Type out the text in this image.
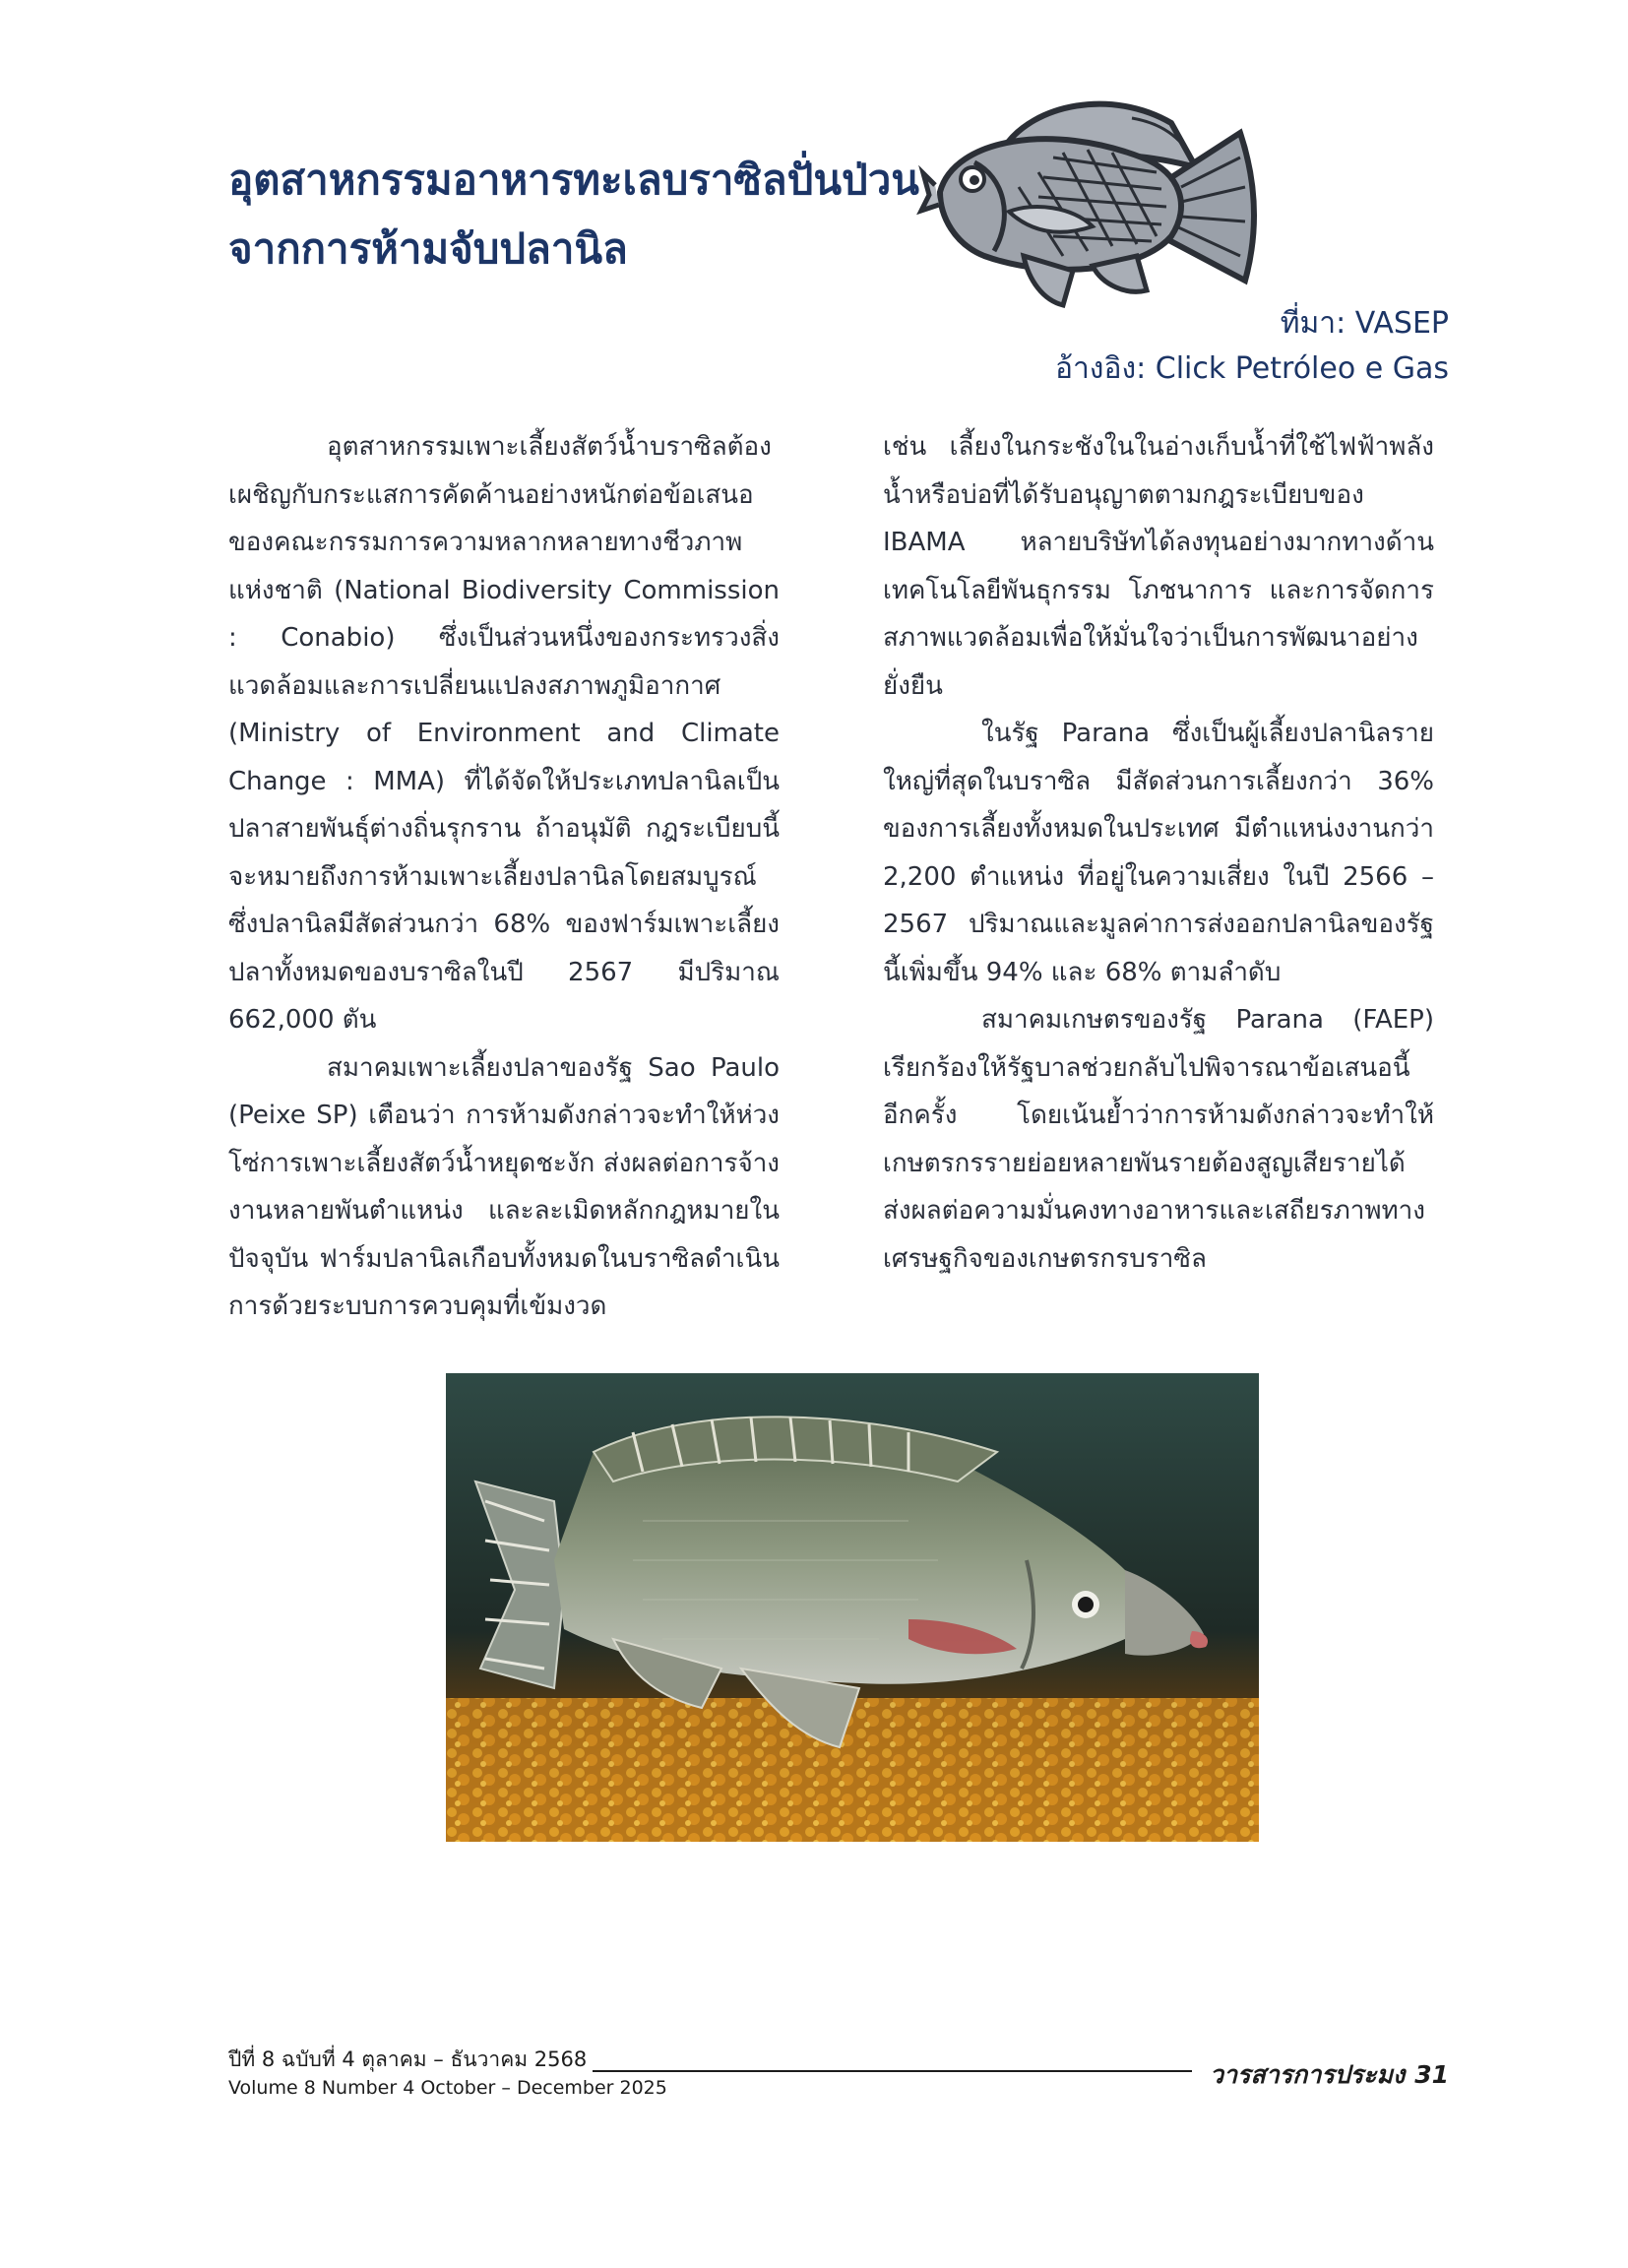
อุตสาหกรรมอาหารทะเลบราซิลปั่นป่วน
จากการห้ามจับปลานิล
ที่มา: VASEP
อ้างอิง: Click Petróleo e Gas

อุตสาหกรรมเพาะเลี้ยงสัตว์น้ำบราซิลต้องเผชิญกับกระแสการคัดค้านอย่างหนักต่อข้อเสนอของคณะกรรมการความหลากหลายทางชีวภาพแห่งชาติ (National Biodiversity Commission : Conabio) ซึ่งเป็นส่วนหนึ่งของกระทรวงสิ่งแวดล้อมและการเปลี่ยนแปลงสภาพภูมิอากาศ (Ministry of Environment and Climate Change : MMA) ที่ได้จัดให้ประเภทปลานิลเป็นปลาสายพันธุ์ต่างถิ่นรุกราน ถ้าอนุมัติ กฎระเบียบนี้จะหมายถึงการห้ามเพาะเลี้ยงปลานิลโดยสมบูรณ์ ซึ่งปลานิลมีสัดส่วนกว่า 68% ของฟาร์มเพาะเลี้ยงปลาทั้งหมดของบราซิลในปี 2567 มีปริมาณ 662,000 ตัน

สมาคมเพาะเลี้ยงปลาของรัฐ Sao Paulo (Peixe SP) เตือนว่า การห้ามดังกล่าวจะทำให้ห่วงโซ่การเพาะเลี้ยงสัตว์น้ำหยุดชะงัก ส่งผลต่อการจ้างงานหลายพันตำแหน่ง และละเมิดหลักกฎหมายในปัจจุบัน ฟาร์มปลานิลเกือบทั้งหมดในบราซิลดำเนินการด้วยระบบการควบคุมที่เข้มงวด

เช่น เลี้ยงในกระชังในในอ่างเก็บน้ำที่ใช้ไฟฟ้าพลังน้ำหรือบ่อที่ได้รับอนุญาตตามกฎระเบียบของ IBAMA หลายบริษัทได้ลงทุนอย่างมากทางด้านเทคโนโลยีพันธุกรรม โภชนาการ และการจัดการสภาพแวดล้อมเพื่อให้มั่นใจว่าเป็นการพัฒนาอย่างยั่งยืน

ในรัฐ Parana ซึ่งเป็นผู้เลี้ยงปลานิลรายใหญ่ที่สุดในบราซิล มีสัดส่วนการเลี้ยงกว่า 36% ของการเลี้ยงทั้งหมดในประเทศ มีตำแหน่งงานกว่า 2,200 ตำแหน่ง ที่อยู่ในความเสี่ยง ในปี 2566 – 2567 ปริมาณและมูลค่าการส่งออกปลานิลของรัฐนี้เพิ่มขึ้น 94% และ 68% ตามลำดับ

สมาคมเกษตรของรัฐ Parana (FAEP) เรียกร้องให้รัฐบาลช่วยกลับไปพิจารณาข้อเสนอนี้อีกครั้ง โดยเน้นย้ำว่าการห้ามดังกล่าวจะทำให้เกษตรกรรายย่อยหลายพันรายต้องสูญเสียรายได้ ส่งผลต่อความมั่นคงทางอาหารและเสถียรภาพทางเศรษฐกิจของเกษตรกรบราซิล

ปีที่ 8 ฉบับที่ 4 ตุลาคม – ธันวาคม 2568
Volume 8 Number 4 October – December 2025	วารสารการประมง 31
